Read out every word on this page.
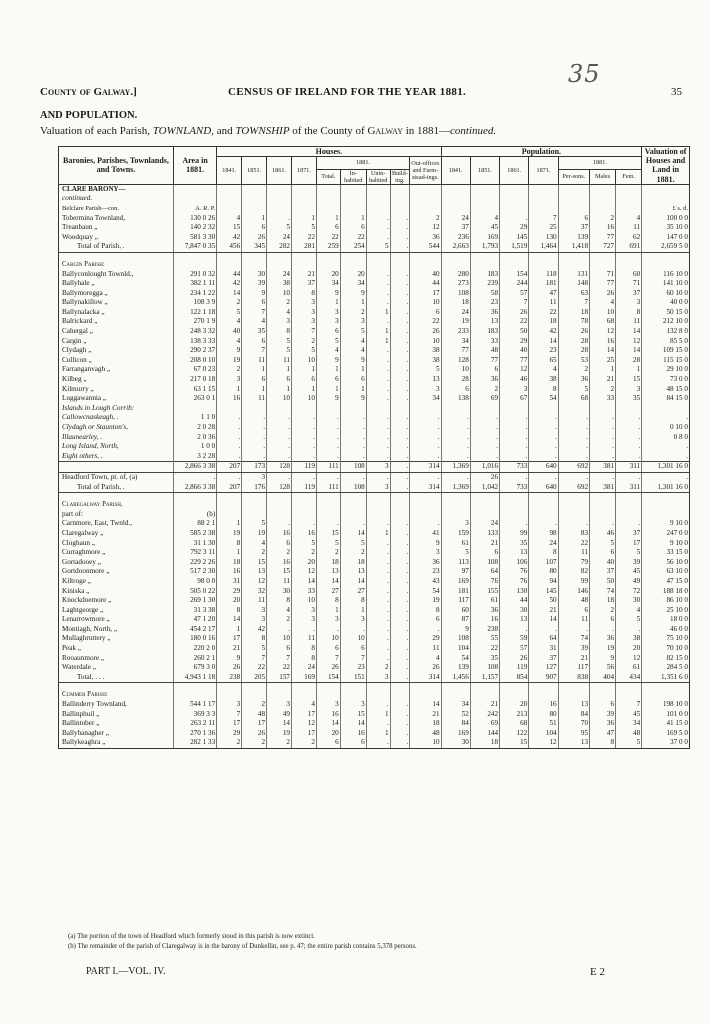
35
County of Galway.]	CENSUS OF IRELAND FOR THE YEAR 1881.	35
AND POPULATION.
Valuation of each Parish, TOWNLAND, and TOWNSHIP of the County of Galway in 1881—continued.
Baronies, Parishes, Townlands, and Towns.	Area in 1881.	Houses.									Population.							Valuation of Houses and Land in 1881.
		1841.	1851.	1861.	1871.	1881.				Out-offices and Farm-stead-ings.	1841.	1851.	1861.	1871.	1881.			
						Total.	In-habited	Unin-habited	Build-ing.						Per-sons.	Males	Fem.	
CLARE BARONY—																		
continued.																		
Belclare Parish—con.	A. R. P.																	£ s. d.
Tobermina Townland,	130 0 26	4	1	.	1	1	1	.	.	2	24	4	.	7	6	2	4	100 0 0
Treanbaun „	140 2 32	15	6	5	5	6	6	.	.	12	37	45	29	25	37	16	11	35 10 0
Woodquay „	581 3 30	42	26	24	22	22	22	.	.	36	236	169	145	130	139	77	62	147 0 0
Total of Parish, .	7,847 0 35	456	345	282	281	259	254	5	.	544	2,663	1,793	1,519	1,464	1,418	727	691	2,659 5 0

Cargin Parish:																		
Ballyconlought Townld.,	291 0 32	44	30	24	21	20	20	.	.	40	280	183	154	118	131	71	60	116 10 0
Ballyhale „	382 1 11	42	39	38	37	34	34	.	.	44	273	239	244	181	148	77	71	141 10 0
Ballymoregga „	234 1 22	14	9	10	8	9	9	.	.	17	108	58	57	47	63	26	37	60 10 0
Ballynakillow „	108 3 9	2	6	2	3	1	1	.	.	10	18	23	7	11	7	4	3	40 0 0
Ballynalacka „	122 1 18	5	7	4	3	3	2	1	.	6	24	36	26	22	18	10	8	50 15 0
Balrickard „	270 1 9	4	4	3	3	3	3	.	.	22	19	13	22	18	78	68	11	212 10 0
Cahergal „	248 3 32	40	35	8	7	6	5	1	.	26	233	183	50	42	26	12	14	132 8 0
Cargin „	138 3 33	4	6	5	2	5	4	1	.	10	34	33	29	14	28	16	12	85 5 0
Clydagh „	290 2 37	9	7	5	5	4	4	.	.	38	77	48	40	23	28	14	14	109 15 0
Cullicon „	208 0 10	19	11	11	10	9	9	.	.	38	128	77	77	65	53	25	28	115 15 0
Farranganvagh „	67 0 23	2	1	1	1	1	1	.	.	5	10	6	12	4	2	1	1	29 10 0
Kilbeg „	217 0 18	3	6	6	6	6	6	.	.	13	28	36	46	38	36	21	15	73 0 0
Kilmurry „	63 1 15	1	1	1	1	1	1	.	.	3	6	2	3	8	5	2	3	48 15 0
Luggawannia „	263 0 1	16	11	10	10	9	9	.	.	34	138	69	67	54	68	33	35	84 15 0
Islands in Lough Corrib:																		
Callowcnaskeagh, .	1 1 0	.	.	.	.	.	.	.	.	.	.	.	.	.	.	.	.	.
Clydagh or Staunton's,	2 0 28	.	.	.	.	.	.	.	.	.	.	.	.	.	.	.	.	0 10 0
Illaunearley, .	2 0 36	.	.	.	.	.	.	.	.	.	.	.	.	.	.	.	.	0 8 0
Long Island, North,	1 0 0	.	.	.	.	.	.	.	.	.	.	.	.	.	.	.	.	.
Eight others, .	3 2 28	.	.	.	.	.	.	.	.	.	.	.	.	.	.	.	.	.
	2,866 3 38	207	173	128	119	111	108	3	.	314	1,369	1,016	733	640	692	381	311	1,301 16 0
Headford Town, pt. of, (a)	.	.	3	.	.	.	.	.	.	.	.	26	.	.	.	.	.	.
Total of Parish, .	2,866 3 38	207	176	128	119	111	108	3	.	314	1,369	1,042	733	640	692	381	311	1,301 16 0

Claregalway Parish,																		
part of:	(b)																	
Carnmore, East, Twnld.,	88 2 1	1	5	.	.	.	.	.	.	.	3	24	.	.	.	.	.	9 10 0
Claregalway „	585 2 38	19	19	16	16	15	14	1	.	41	159	133	99	98	83	46	37	247 0 0
Cloghaun „	31 1 30	8	4	6	5	5	5	.	.	9	61	21	35	24	22	5	17	9 10 0
Curraghmore „	792 3 11	1	2	2	2	2	2	.	.	3	5	6	13	8	11	6	5	33 15 0
Gortadooey „	229 2 26	18	15	16	20	18	18	.	.	36	113	108	106	107	79	40	39	56 10 0
Gortdoonmore „	517 2 30	16	13	15	12	13	13	.	.	23	97	64	76	80	82	37	45	63 10 0
Kiltroge „	98 0 0	31	12	11	14	14	14	.	.	43	169	76	76	94	99	50	49	47 15 0
Kiniska „	505 0 22	29	32	30	33	27	27	.	.	54	181	155	130	145	146	74	72	188 18 0
Knockdoemore „	269 1 30	20	11	8	10	8	8	.	.	19	117	61	44	50	48	18	30	86 10 0
Laghtgeorge „	31 3 38	8	3	4	3	1	1	.	.	8	60	36	30	21	6	2	4	25 10 0
Lenarrowmore „	47 1 20	14	3	2	3	3	3	.	.	6	87	16	13	14	11	6	5	18 0 0
Montiagh, North, „	454 2 17	1	42	.	.	.	.	.	.	.	9	238	.	.	.	.	.	46 0 0
Mullaghruttery „	180 0 16	17	8	10	11	10	10	.	.	29	108	55	59	64	74	36	38	75 10 0
Peak „	220 2 0	21	5	6	8	6	6	.	.	11	104	22	57	31	39	19	20	70 10 0
Rooaunmore „	260 2 1	9	7	7	8	7	7	.	.	4	54	35	26	37	21	9	12	82 15 0
Waterdale „	679 3 0	26	22	22	24	26	23	2	.	26	139	108	119	127	117	56	61	284 5 0
Total, . . .	4,943 1 18	238	205	157	169	154	151	3	.	314	1,456	1,157	854	907	838	404	434	1,351 6 0

Cummer Parish:																		
Ballinderry Townland,	544 1 17	3	2	3	4	3	3	.	.	14	34	21	20	16	13	6	7	198 10 0
Ballinphuil „	369 3 3	7	48	49	17	16	15	1	.	21	52	242	213	80	84	39	45	101 0 0
Ballintober „	263 2 11	17	17	14	12	14	14	.	.	18	84	69	68	51	70	36	34	41 15 0
Ballybanagher „	270 1 36	29	26	19	17	20	16	1	.	48	169	144	122	104	95	47	48	169 5 0
Ballykeaghra „	282 1 33	2	2	2	2	6	6	.	.	10	30	18	15	12	13	8	5	37 0 0
(a) The portion of the town of Headford which formerly stood in this parish is now extinct.
(b) The remainder of the parish of Claregalway is in the barony of Dunkellin, see p. 47; the entire parish contains 5,378 persons.
PART I.—VOL. IV.	E 2
